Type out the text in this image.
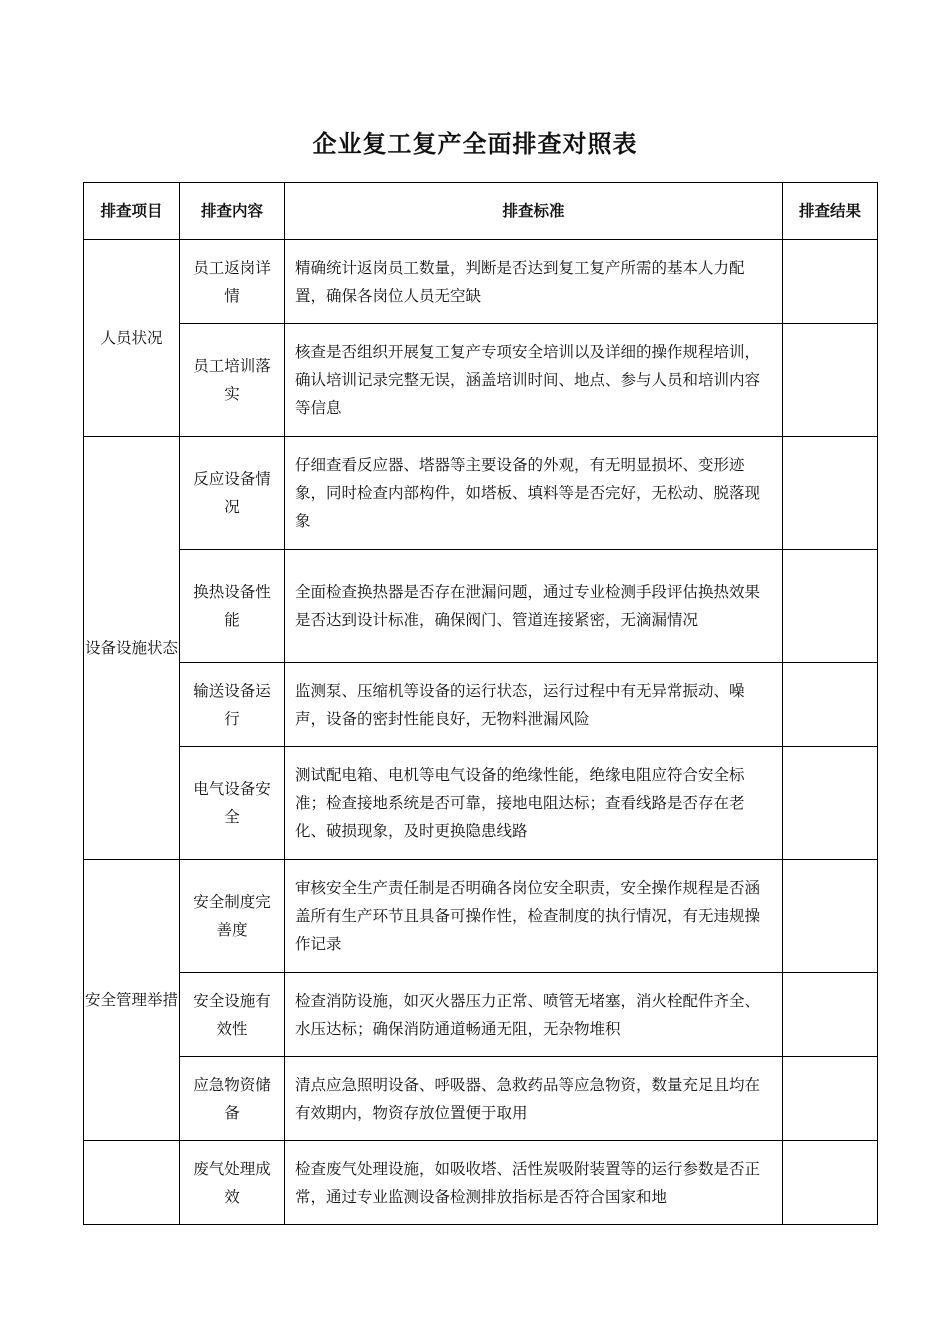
企业复工复产全面排查对照表
排查项目	排查内容	排查标准	排查结果
人员状况	员工返岗详情	精确统计返岗员工数量，判断是否达到复工复产所需的基本人力配置，确保各岗位人员无空缺	
	员工培训落实	核查是否组织开展复工复产专项安全培训以及详细的操作规程培训，确认培训记录完整无误，涵盖培训时间、地点、参与人员和培训内容等信息	
设备设施状态	反应设备情况	仔细查看反应器、塔器等主要设备的外观，有无明显损坏、变形迹象，同时检查内部构件，如塔板、填料等是否完好，无松动、脱落现象	
	换热设备性能	全面检查换热器是否存在泄漏问题，通过专业检测手段评估换热效果是否达到设计标准，确保阀门、管道连接紧密，无滴漏情况	
	输送设备运行	监测泵、压缩机等设备的运行状态，运行过程中有无异常振动、噪声，设备的密封性能良好，无物料泄漏风险	
	电气设备安全	测试配电箱、电机等电气设备的绝缘性能，绝缘电阻应符合安全标准；检查接地系统是否可靠，接地电阻达标；查看线路是否存在老化、破损现象，及时更换隐患线路	
安全管理举措	安全制度完善度	审核安全生产责任制是否明确各岗位安全职责，安全操作规程是否涵盖所有生产环节且具备可操作性，检查制度的执行情况，有无违规操作记录	
	安全设施有效性	检查消防设施，如灭火器压力正常、喷管无堵塞，消火栓配件齐全、水压达标；确保消防通道畅通无阻，无杂物堆积	
	应急物资储备	清点应急照明设备、呼吸器、急救药品等应急物资，数量充足且均在有效期内，物资存放位置便于取用	
	废气处理成效	检查废气处理设施，如吸收塔、活性炭吸附装置等的运行参数是否正常，通过专业监测设备检测排放指标是否符合国家和地	
